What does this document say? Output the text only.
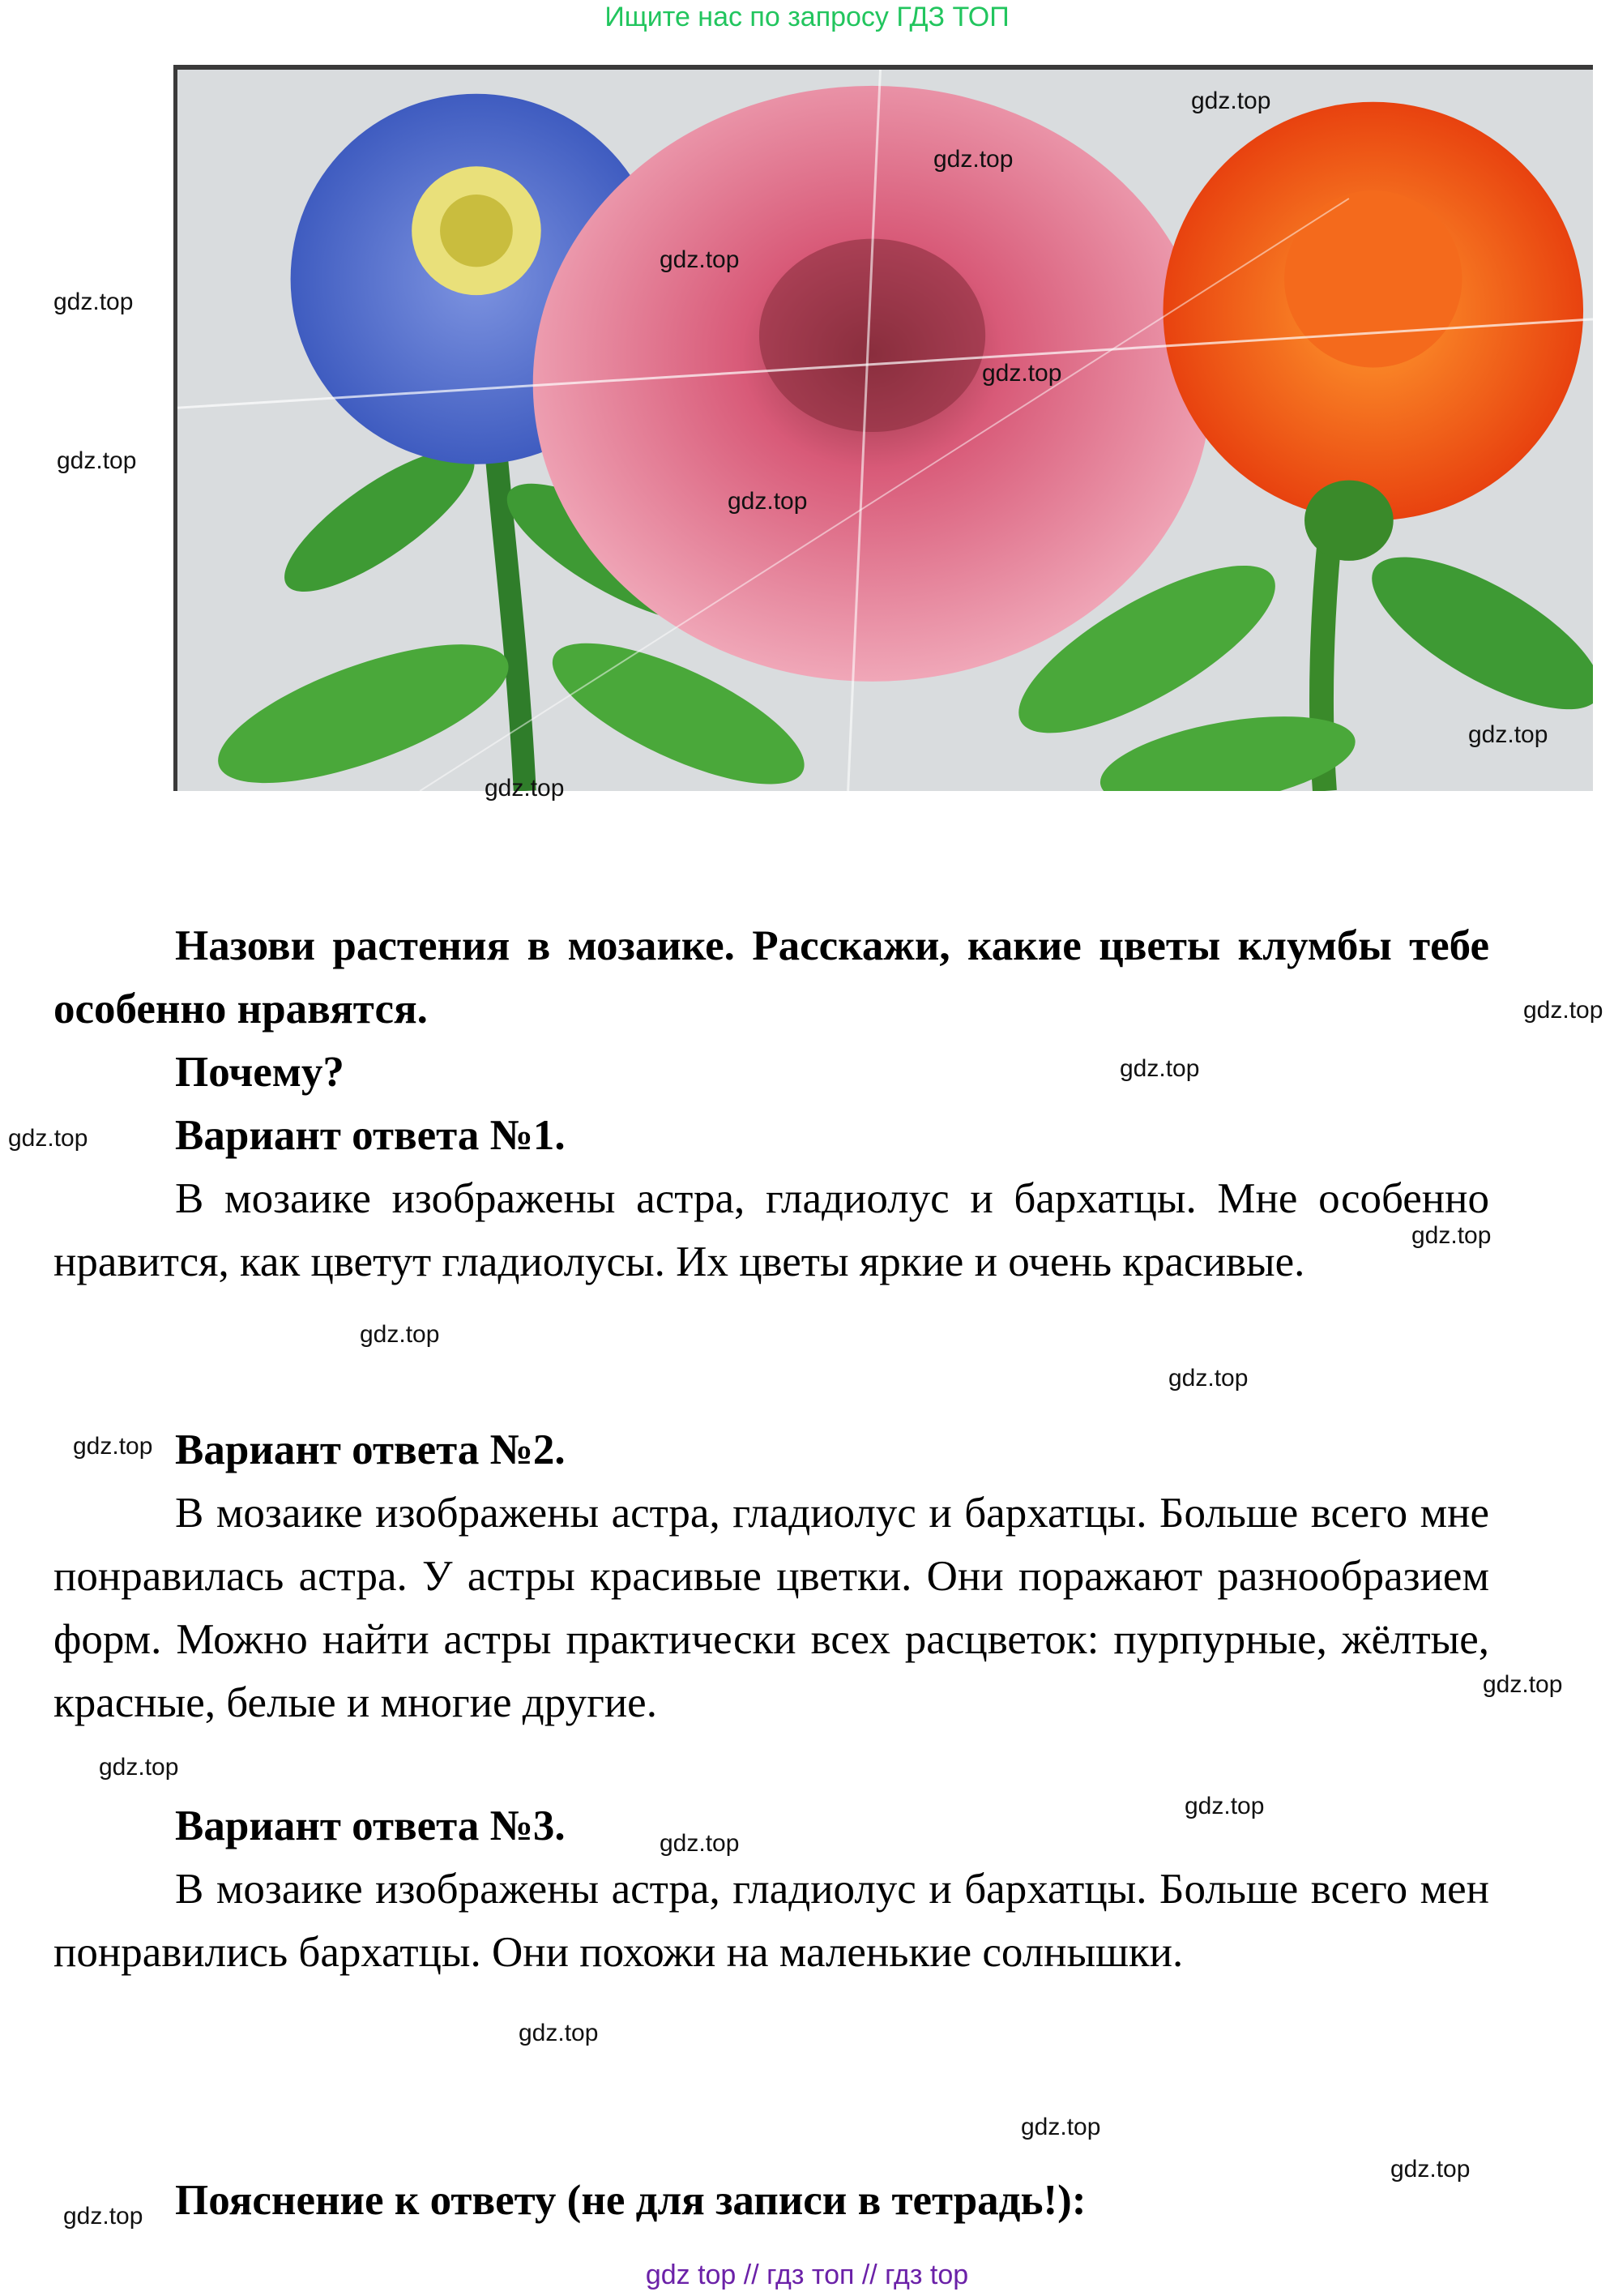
Ищите нас по запросу ГДЗ ТОП
gdz.top
gdz.top
gdz.top
gdz.top
gdz.top
gdz.top
gdz.top
gdz.top
gdz.top
gdz.top
gdz.top
gdz.top
gdz.top
gdz.top
gdz.top
gdz.top
gdz.top
gdz.top
gdz.top
gdz.top
gdz.top
gdz.top
gdz.top
gdz.top
Назови растения в мозаике. Расскажи, какие цветы клумбы тебе особенно нравятся.
Почему?
Вариант ответа №1.
В мозаике изображены астра, гладиолус и бархатцы. Мне особенно нравится, как цветут гладиолусы. Их цветы яркие и очень красивые.
Вариант ответа №2.
В мозаике изображены астра, гладиолус и бархатцы. Больше всего мне понравилась астра. У астры красивые цветки. Они поражают разнообразием форм. Можно найти астры практически всех расцветок: пурпурные, жёлтые, красные, белые и многие другие.
Вариант ответа №3.
В мозаике изображены астра, гладиолус и бархатцы. Больше всего мен понравились бархатцы. Они похожи на маленькие солнышки.
Пояснение к ответу (не для записи в тетрадь!):
gdz top // гдз топ // гдз top
